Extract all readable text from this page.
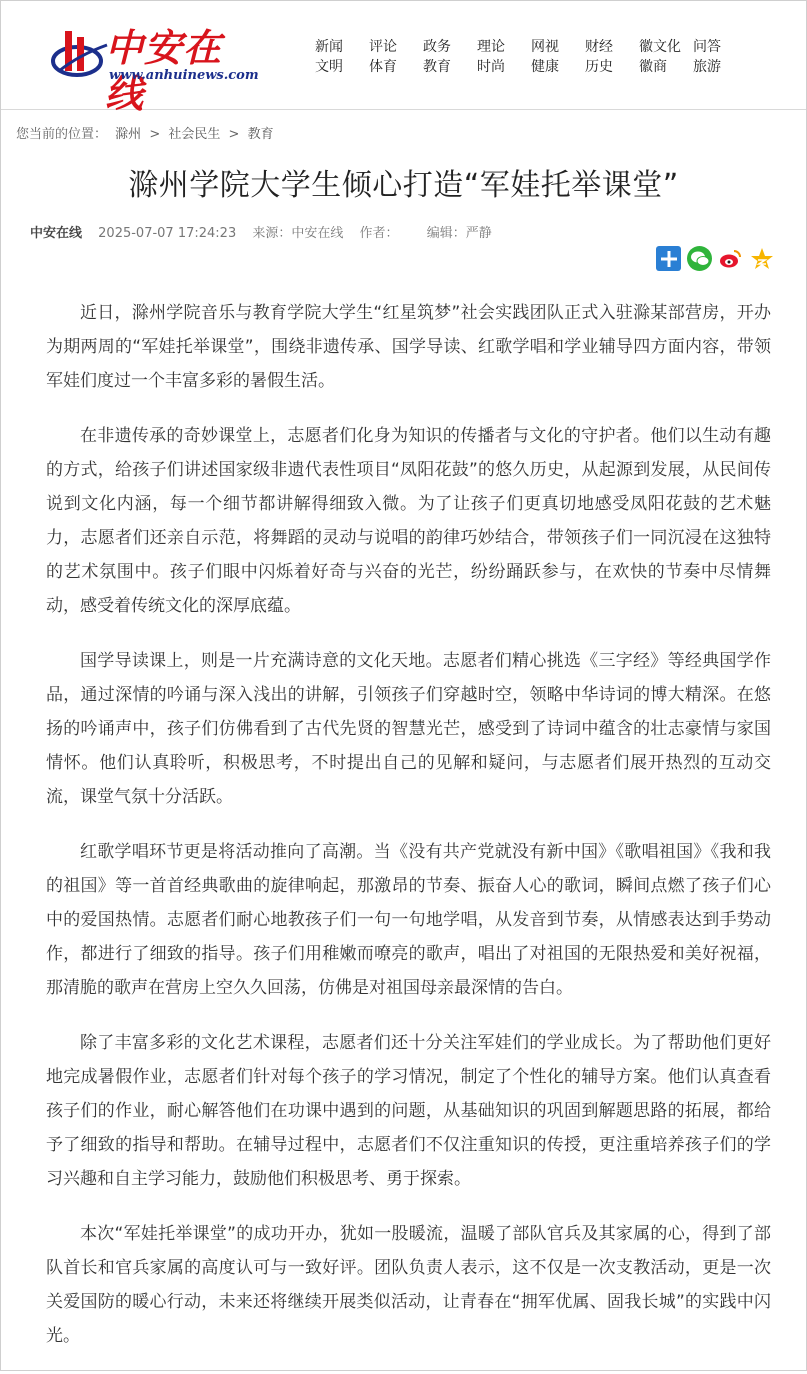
中安在线
www.anhuinews.com
新闻	评论	政务	理论	网视	财经	徽文化 问答
文明	体育	教育	时尚	健康	历史	徽商	旅游
您当前的位置： 滁州 > 社会民生 > 教育
滁州学院大学生倾心打造“军娃托举课堂”
中安在线 2025-07-07 17:24:23 来源：中安在线 作者： 编辑：严静

近日，滁州学院音乐与教育学院大学生“红星筑梦”社会实践团队正式入驻滁某部营房，开办为期两周的“军娃托举课堂”，围绕非遗传承、国学导读、红歌学唱和学业辅导四方面内容，带领军娃们度过一个丰富多彩的暑假生活。

在非遗传承的奇妙课堂上，志愿者们化身为知识的传播者与文化的守护者。他们以生动有趣的方式，给孩子们讲述国家级非遗代表性项目“凤阳花鼓”的悠久历史，从起源到发展，从民间传说到文化内涵，每一个细节都讲解得细致入微。为了让孩子们更真切地感受凤阳花鼓的艺术魅力，志愿者们还亲自示范，将舞蹈的灵动与说唱的韵律巧妙结合，带领孩子们一同沉浸在这独特的艺术氛围中。孩子们眼中闪烁着好奇与兴奋的光芒，纷纷踊跃参与，在欢快的节奏中尽情舞动，感受着传统文化的深厚底蕴。

国学导读课上，则是一片充满诗意的文化天地。志愿者们精心挑选《三字经》等经典国学作品，通过深情的吟诵与深入浅出的讲解，引领孩子们穿越时空，领略中华诗词的博大精深。在悠扬的吟诵声中，孩子们仿佛看到了古代先贤的智慧光芒，感受到了诗词中蕴含的壮志豪情与家国情怀。他们认真聆听，积极思考，不时提出自己的见解和疑问，与志愿者们展开热烈的互动交流，课堂气氛十分活跃。

红歌学唱环节更是将活动推向了高潮。当《没有共产党就没有新中国》《歌唱祖国》《我和我的祖国》等一首首经典歌曲的旋律响起，那激昂的节奏、振奋人心的歌词，瞬间点燃了孩子们心中的爱国热情。志愿者们耐心地教孩子们一句一句地学唱，从发音到节奏，从情感表达到手势动作，都进行了细致的指导。孩子们用稚嫩而嘹亮的歌声，唱出了对祖国的无限热爱和美好祝福，那清脆的歌声在营房上空久久回荡，仿佛是对祖国母亲最深情的告白。

除了丰富多彩的文化艺术课程，志愿者们还十分关注军娃们的学业成长。为了帮助他们更好地完成暑假作业，志愿者们针对每个孩子的学习情况，制定了个性化的辅导方案。他们认真查看孩子们的作业，耐心解答他们在功课中遇到的问题，从基础知识的巩固到解题思路的拓展，都给予了细致的指导和帮助。在辅导过程中，志愿者们不仅注重知识的传授，更注重培养孩子们的学习兴趣和自主学习能力，鼓励他们积极思考、勇于探索。

本次“军娃托举课堂”的成功开办，犹如一股暖流，温暖了部队官兵及其家属的心，得到了部队首长和官兵家属的高度认可与一致好评。团队负责人表示，这不仅是一次支教活动，更是一次关爱国防的暖心行动，未来还将继续开展类似活动，让青春在“拥军优属、固我长城”的实践中闪光。
